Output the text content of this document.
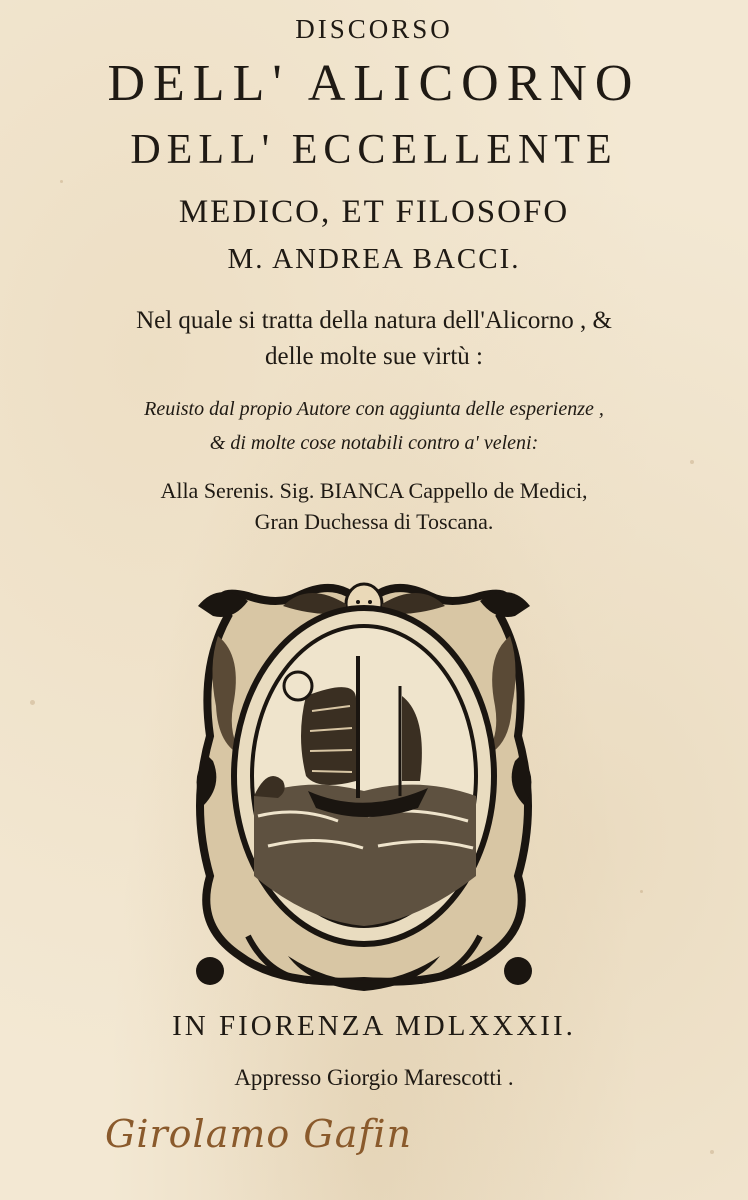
DISCORSO
DELL' ALICORNO
DELL' ECCELLENTE
MEDICO, ET FILOSOFO
M. ANDREA BACCI.
Nel quale si tratta della natura dell'Alicorno , &
delle molte sue virtù :
Reuisto dal propio Autore con aggiunta delle esperienze ,
& di molte cose notabili contro a' veleni:
Alla Serenis. Sig. BIANCA Cappello de Medici,
Gran Duchessa di Toscana.
IN FIORENZA MDLXXXII.
Appresso Giorgio Marescotti .
Girolamo Gafin
